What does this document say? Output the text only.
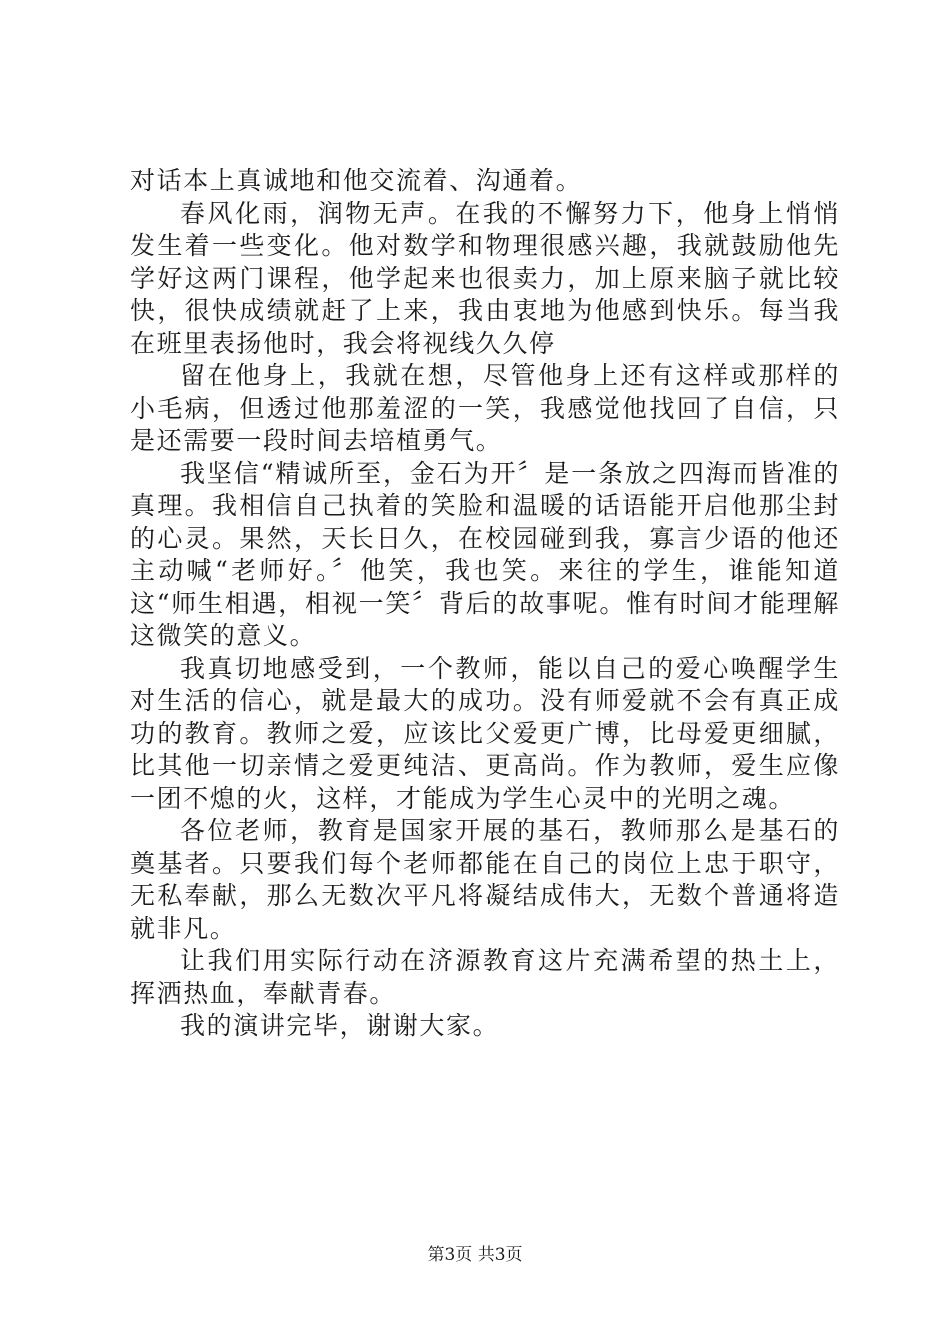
对话本上真诚地和他交流着、沟通着。

春风化雨，润物无声。在我的不懈努力下，他身上悄悄发生着一些变化。他对数学和物理很感兴趣，我就鼓励他先学好这两门课程，他学起来也很卖力，加上原来脑子就比较快，很快成绩就赶了上来，我由衷地为他感到快乐。每当我在班里表扬他时，我会将视线久久停

留在他身上，我就在想，尽管他身上还有这样或那样的小毛病，但透过他那羞涩的一笑，我感觉他找回了自信，只是还需要一段时间去培植勇气。

我坚信“精诚所至，金石为开〞是一条放之四海而皆准的真理。我相信自己执着的笑脸和温暖的话语能开启他那尘封的心灵。果然，天长日久，在校园碰到我，寡言少语的他还主动喊“老师好。〞他笑，我也笑。来往的学生，谁能知道这“师生相遇，相视一笑〞背后的故事呢。惟有时间才能理解这微笑的意义。

我真切地感受到，一个教师，能以自己的爱心唤醒学生对生活的信心，就是最大的成功。没有师爱就不会有真正成功的教育。教师之爱，应该比父爱更广博，比母爱更细腻，比其他一切亲情之爱更纯洁、更高尚。作为教师，爱生应像一团不熄的火，这样，才能成为学生心灵中的光明之魂。

各位老师，教育是国家开展的基石，教师那么是基石的奠基者。只要我们每个老师都能在自己的岗位上忠于职守，无私奉献，那么无数次平凡将凝结成伟大，无数个普通将造就非凡。

让我们用实际行动在济源教育这片充满希望的热土上，挥洒热血，奉献青春。

我的演讲完毕，谢谢大家。

第3页 共3页
